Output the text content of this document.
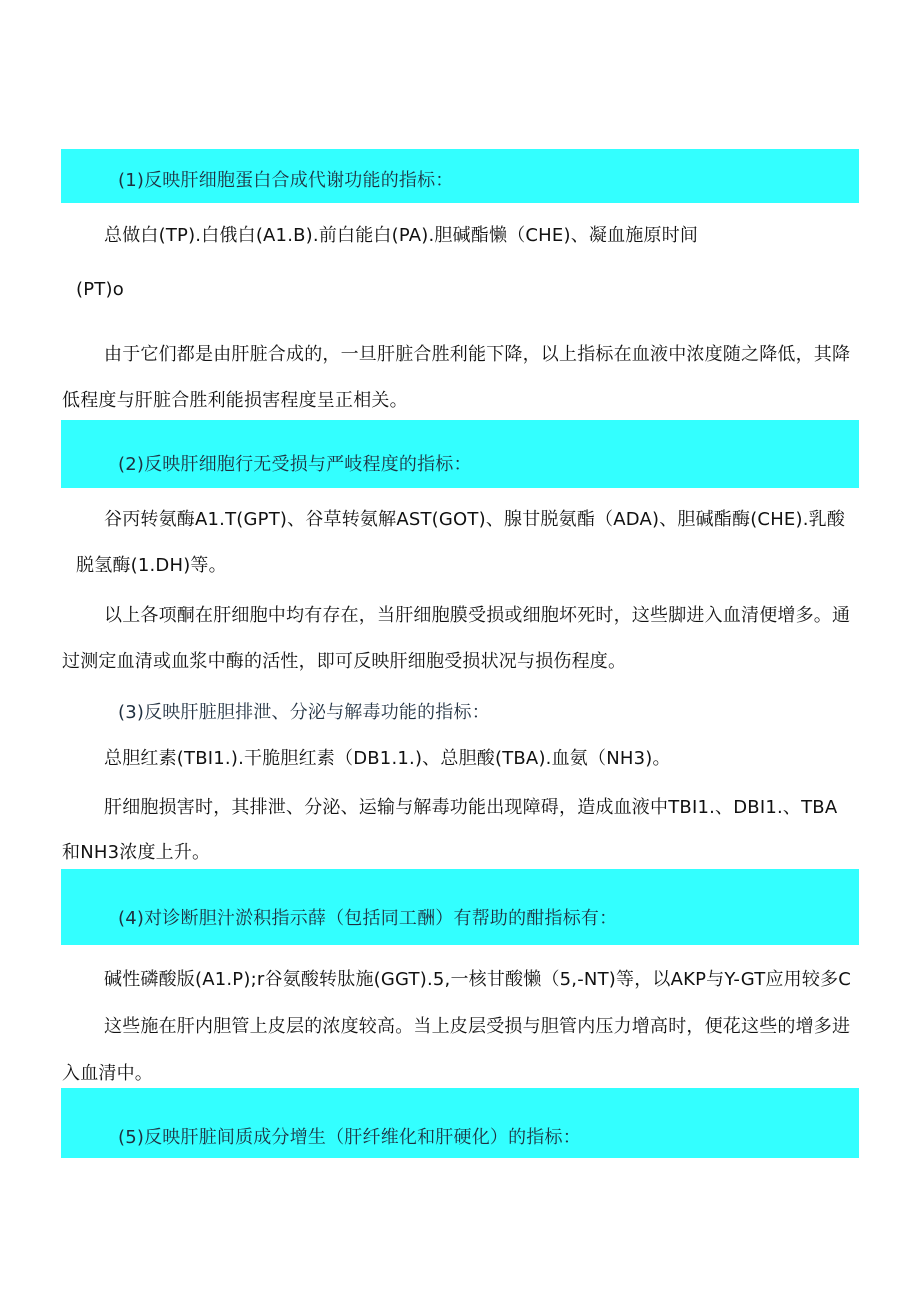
(1)反映肝细胞蛋白合成代谢功能的指标：
总做白(TP).白俄白(A1.B).前白能白(PA).胆碱酯懒（CHE)、凝血施原时间
(PT)o
由于它们都是由肝脏合成的，一旦肝脏合胜利能下降，以上指标在血液中浓度随之降低，其降
低程度与肝脏合胜利能损害程度呈正相关。
(2)反映肝细胞行无受损与严岐程度的指标：
谷丙转氨酶A1.T(GPT)、谷草转氨解AST(GOT)、腺甘脱氨酯（ADA)、胆碱酯酶(CHE).乳酸
脱氢酶(1.DH)等。
以上各项酮在肝细胞中均有存在，当肝细胞膜受损或细胞坏死时，这些脚进入血清便增多。通
过测定血清或血浆中酶的活性，即可反映肝细胞受损状况与损伤程度。
(3)反映肝脏胆排泄、分泌与解毒功能的指标：
总胆红素(TBI1.).干脆胆红素（DB1.1.)、总胆酸(TBA).血氨（NH3)。
肝细胞损害时，其排泄、分泌、运输与解毒功能出现障碍，造成血液中TBI1.、DBI1.、TBA
和NH3浓度上升。
(4)对诊断胆汁淤积指示薛（包括同工酬）有帮助的酣指标有：
碱性磷酸版(A1.P);r谷氨酸转肽施(GGT).5,一核甘酸懒（5,-NT)等，以AKP与Y-GT应用较多C
这些施在肝内胆管上皮层的浓度较高。当上皮层受损与胆管内压力增高时，便花这些的增多进
入血清中。
(5)反映肝脏间质成分增生（肝纤维化和肝硬化）的指标：
